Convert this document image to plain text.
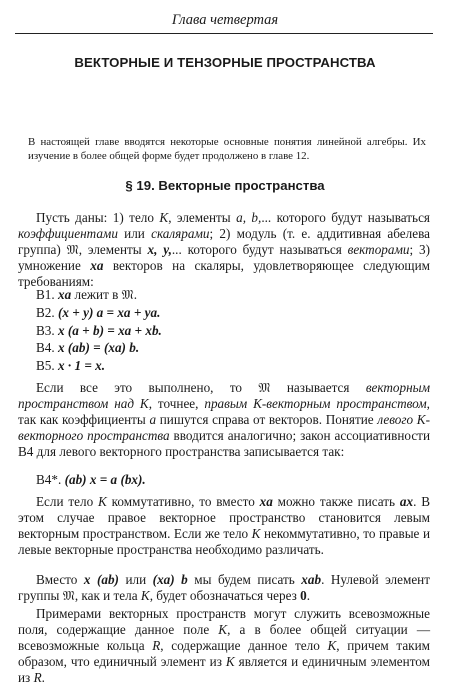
Глава четвертая
ВЕКТОРНЫЕ И ТЕНЗОРНЫЕ ПРОСТРАНСТВА
В настоящей главе вводятся некоторые основные понятия линейной алгебры. Их изучение в более общей форме будет продолжено в главе 12.
§ 19. Векторные пространства
Пусть даны: 1) тело K, элементы a, b,... которого будут называться коэффициентами или скалярами; 2) модуль (т. е. аддитивная абелева группа) 𝔐, элементы x, y,... которого будут называться векторами; 3) умножение xa векторов на скаляры, удовлетворяющее следующим требованиям:
B1. xa лежит в 𝔐.
B2. (x + y) a = xa + ya.
B3. x (a + b) = xa + xb.
B4. x (ab) = (xa) b.
B5. x · 1 = x.
Если все это выполнено, то 𝔐 называется векторным пространством над K, точнее, правым K-векторным пространством, так как коэффициенты a пишутся справа от векторов. Понятие левого K-векторного пространства вводится аналогично; закон ассоциативности B4 для левого векторного пространства записывается так:
B4*. (ab) x = a (bx).
Если тело K коммутативно, то вместо xa можно также писать ax. В этом случае правое векторное пространство становится левым векторным пространством. Если же тело K некоммутативно, то правые и левые векторные пространства необходимо различать.
Вместо x (ab) или (xa) b мы будем писать xab. Нулевой элемент группы 𝔐, как и тела K, будет обозначаться через 0.
Примерами векторных пространств могут служить всевозможные поля, содержащие данное поле K, а в более общей ситуации — всевозможные кольца R, содержащие данное тело K, причем таким образом, что единичный элемент из K является и единичным элементом из R.
